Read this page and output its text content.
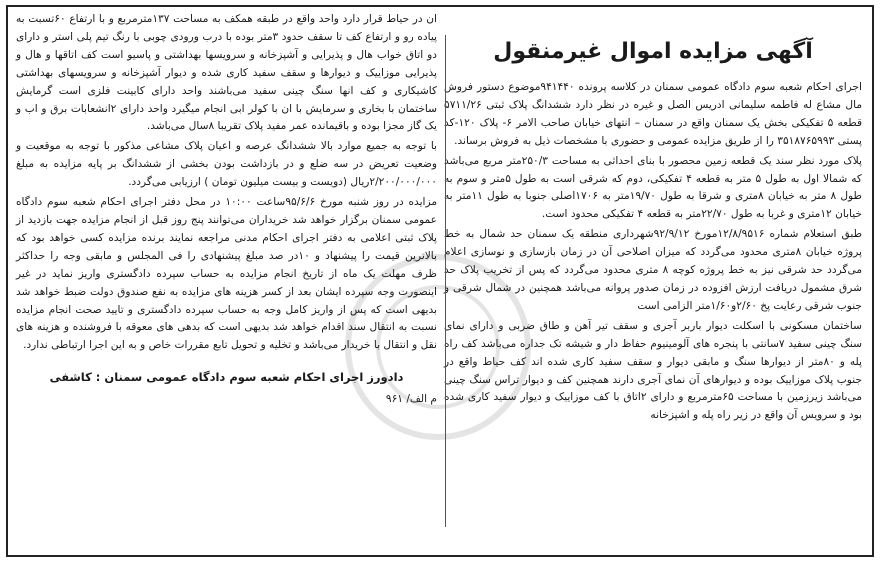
آگهی مزایده اموال غیرمنقول

اجرای احکام شعبه سوم دادگاه عمومی سمنان در کلاسه پرونده ۹۴۱۴۴۰موضوع دستور فروش مال مشاع له فاطمه سلیمانی ادریس الصل و غیره در نظر دارد ششدانگ پلاک ثبتی ۵۷۱۱/۲۶ قطعه ۵ تفکیکی بخش یک سمنان واقع در سمنان – انتهای خیابان صاحب الامر ۶- پلاک ۱۲۰-کد پستی ۳۵۱۸۷۶۵۹۹۳ را از طریق مزایده عمومی و حضوری با مشخصات ذیل به فروش برساند.

پلاک مورد نظر سند یک قطعه زمین محصور با بنای احداثی به مساحت ۲۵۰/۳متر مربع می‌باشد که شمالا اول به طول ۵ متر به قطعه ۴ تفکیکی، دوم که شرقی است به طول ۵متر و سوم به طول ۸ متر به خیابان ۸متری و شرقا به طول ۱۹/۷۰متر به ۱۷۰۶اصلی جنوبا به طول ۱۱متر به خیابان ۱۲متری و غربا به طول ۲۲/۷۰متر به قطعه ۴ تفکیکی محدود است.

طبق استعلام شماره ۱۲/۸/۹۵۱۶مورخ ۹۲/۹/۱۲شهرداری منطقه یک سمنان حد شمال به خط پروژه خیابان ۸متری محدود می‌گردد که میزان اصلاحی آن در زمان بازسازی و نوسازی اعلام می‌گردد حد شرقی نیز به خط پروژه کوچه ۸ متری محدود می‌گردد که پس از تخریب پلاک حد شرق مشمول دریافت ارزش افزوده در زمان صدور پروانه می‌باشد همچنین در شمال شرقی و جنوب شرقی رعایت پخ ۲/۶۰و۱/۶۰متر الزامی است

ساختمان مسکونی با اسکلت دیوار باربر آجری و سقف تیر آهن و طاق ضربی و دارای نمای سنگ چینی سفید ۷سانتی با پنجره های آلومینیوم حفاظ دار و شیشه تک جداره می‌باشد کف راه پله و ۸۰متر از دیوارها سنگ و مابقی دیوار و سقف سفید کاری شده اند کف حیاط واقع در جنوب پلاک موزاییک بوده و دیوارهای آن نمای آجری دارند همچنین کف و دیوار تراس سنگ چینی می‌باشد زیرزمین با مساحت ۶۵مترمربع و دارای ۲اتاق با کف موزاییک و دیوار سفید کاری شده بود و سرویس آن واقع در زیر راه پله و اشپزخانه

ان در حیاط قرار دارد واحد واقع در طبقه همکف به مساحت ۱۳۷مترمربع و با ارتفاع ۶۰تسبت به پیاده رو و ارتفاع کف تا سقف حدود ۳متر بوده با درب ورودی چوبی با رنگ تیم پلی استر و دارای دو اتاق خواب هال و پذیرایی و آشپزخانه و سرویسها بهداشتی و پاسیو است کف اتاقها و هال و پذیرایی موزاییک و دیوارها و سقف سفید کاری شده و دیوار آشپزخانه و سرویسهای بهداشتی کاشیکاری و کف انها سنگ چینی سفید می‌باشند واحد دارای کابینت فلزی است گرمایش ساختمان با بخاری و سرمایش با ان با کولر ابی انجام میگیرد واحد دارای ۲انشعابات برق و اب و یک گاز مجزا بوده و باقیمانده عمر مفید پلاک تقریبا ۸سال می‌باشد.

با توجه به جمیع موارد بالا ششدانگ عرصه و اعیان پلاک مشاعی مذکور با توجه به موقعیت و وضعیت تعریض در سه ضلع و در بازداشت بودن بخشی از ششدانگ بر پایه مزایده به مبلغ ۲/۲۰۰/۰۰۰/۰۰۰ریال (دویست و بیست میلیون تومان ) ارزیابی می‌گردد.

مزایده در روز شنبه مورخ ۹۵/۶/۶ساعت ۱۰:۰۰ در محل دفتر اجرای احکام شعبه سوم دادگاه عمومی سمنان برگزار خواهد شد خریداران می‌توانند پنج روز قبل از انجام مزایده جهت بازدید از پلاک ثبتی اعلامی به دفتر اجرای احکام مدنی مراجعه نمایند برنده مزایده کسی خواهد بود که بالاترین قیمت را پیشنهاد و ۱۰در صد مبلغ پیشنهادی را فی المجلس و مابقی وجه را حداکثر ظرف مهلت یک ماه از تاریخ انجام مزایده به حساب سپرده دادگستری واریز نماید در غیر اینصورت وجه سپرده ایشان بعد از کسر هزینه های مزایده به نفع صندوق دولت ضبط خواهد شد بدیهی است که پس از واریز کامل وجه به حساب سپرده دادگستری و تایید صحت انجام مزایده نسبت به انتقال سند اقدام خواهد شد بدیهی است که بدهی های معوقه با فروشنده و هزینه های نقل و انتقال با خریدار می‌باشد و تخلیه و تحویل تابع مقررات خاص و به این اجرا ارتباطی ندارد.

دادورز اجرای احکام شعبه سوم دادگاه عمومی سمنان : کاشفی
م الف/ ۹۶۱
